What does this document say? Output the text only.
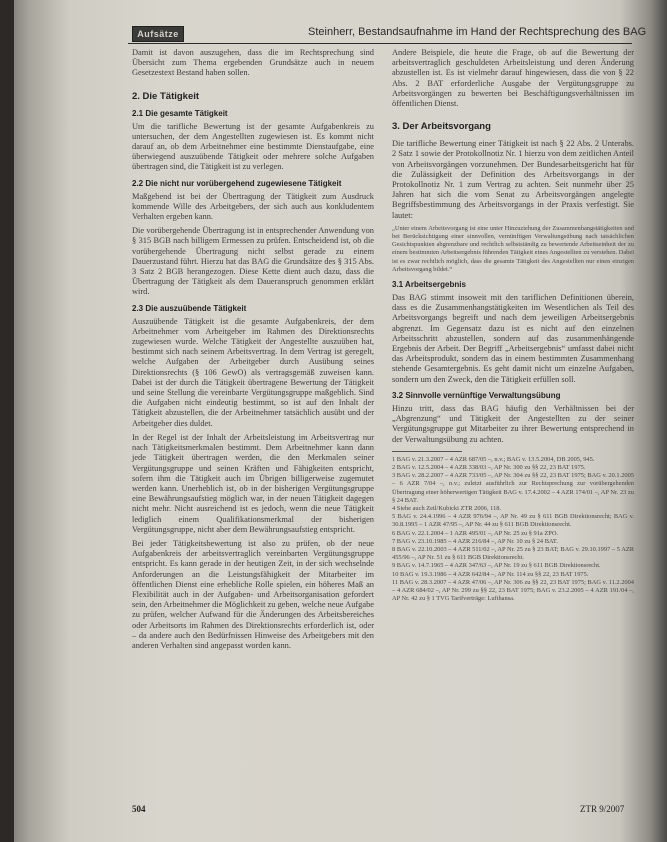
Aufsätze	Steinherr, Bestandsaufnahme im Hand der Rechtsprechung des BAG

Damit ist davon auszugehen, dass die im Rechtsprechung sind Übersicht zum Thema ergebenden Grundsätze auch in neuem Gesetzestext Bestand haben sollen.

2. Die Tätigkeit
2.1 Die gesamte Tätigkeit

Um die tarifliche Bewertung ist der gesamte Aufgabenkreis zu untersuchen, der dem Angestellten zugewiesen ist. Es kommt nicht darauf an, ob dem Arbeitnehmer eine bestimmte Dienstaufgabe, eine überwiegend auszuübende Tätigkeit oder mehrere solche Aufgaben übertragen sind, die Tätigkeit ist zu verlegen.

2.2 Die nicht nur vorübergehend zugewiesene Tätigkeit

Maßgebend ist bei der Übertragung der Tätigkeit zum Ausdruck kommende Wille des Arbeitgebers, der sich auch aus konkludentem Verhalten ergeben kann.

Die vorübergehende Übertragung ist in entsprechender Anwendung von § 315 BGB nach billigem Ermessen zu prüfen. Entscheidend ist, ob die vorübergehende Übertragung nicht selbst gerade zu einem Dauerzustand führt. Hierzu hat das BAG die Grundsätze des § 315 Abs. 3 Satz 2 BGB herangezogen. Diese Kette dient auch dazu, dass die Übertragung der Tätigkeit als dem Daueranspruch genommen erklärt wird.

2.3 Die auszuübende Tätigkeit

Auszuübende Tätigkeit ist die gesamte Aufgabenkreis, der dem Arbeitnehmer vom Arbeitgeber im Rahmen des Direktionsrechts zugewiesen wurde. Welche Tätigkeit der Angestellte auszuüben hat, bestimmt sich nach seinem Arbeitsvertrag. In dem Vertrag ist geregelt, welche Aufgaben der Arbeitgeber durch Ausübung seines Direktionsrechts (§ 106 GewO) als vertragsgemäß zuweisen kann. Dabei ist der durch die Tätigkeit übertragene Bewertung der Tätigkeit und seine Stellung die vereinbarte Vergütungsgruppe maßgeblich. Sind die Aufgaben nicht eindeutig bestimmt, so ist auf den Inhalt der Tätigkeit abzustellen, die der Arbeitnehmer tatsächlich ausübt und der Arbeitgeber dies duldet.

In der Regel ist der Inhalt der Arbeitsleistung im Arbeitsvertrag nur nach Tätigkeitsmerkmalen bestimmt. Dem Arbeitnehmer kann dann jede Tätigkeit übertragen werden, die den Merkmalen seiner Vergütungsgruppe und seinen Kräften und Fähigkeiten entspricht, sofern ihm die Tätigkeit auch im Übrigen billigerweise zugemutet werden kann. Unerheblich ist, ob in der bisherigen Vergütungsgruppe eine Bewährungsaufstieg möglich war, in der neuen Tätigkeit dagegen nicht mehr. Nicht ausreichend ist es jedoch, wenn die neue Tätigkeit lediglich einem Qualifikationsmerkmal der bisherigen Vergütungsgruppe, nicht aber dem Bewährungsaufstieg entspricht.

Bei jeder Tätigkeitsbewertung ist also zu prüfen, ob der neue Aufgabenkreis der arbeitsvertraglich vereinbarten Vergütungsgruppe entspricht. Es kann gerade in der heutigen Zeit, in der sich wechselnde Anforderungen an die Leistungsfähigkeit der Mitarbeiter im öffentlichen Dienst eine erhebliche Rolle spielen, ein höheres Maß an Flexibilität auch in der Aufgaben- und Arbeitsorganisation gefordert sein, den Arbeitnehmer die Möglichkeit zu geben, welche neue Aufgabe zu prüfen, welcher Aufwand für die Änderungen des Arbeitsbereiches oder Arbeitsorts im Rahmen des Direktionsrechts erforderlich ist, oder – da andere auch den Bedürfnissen Hinweise des Arbeitgebers mit den anderen Verhalten sind angepasst worden kann.

Andere Beispiele, die heute die Frage, ob auf die Bewertung der arbeitsvertraglich geschuldeten Arbeitsleistung und deren Änderung abzustellen ist. Es ist vielmehr darauf hingewiesen, dass die von § 22 Abs. 2 BAT erforderliche Ausgabe der Vergütungsgruppe zu Arbeitsvorgängen zu bewerten bei Beschäftigungsverhältnissen im öffentlichen Dienst.

3. Der Arbeitsvorgang

Die tarifliche Bewertung einer Tätigkeit ist nach § 22 Abs. 2 Unterabs. 2 Satz 1 sowie der Protokollnotiz Nr. 1 hierzu von dem zeitlichen Anteil von Arbeitsvorgängen vorzunehmen. Der Bundesarbeitsgericht hat für die Zulässigkeit der Definition des Arbeitsvorgangs in der Protokollnotiz Nr. 1 zum Vertrag zu achten. Seit nunmehr über 25 Jahren hat sich die vom Senat zu Arbeitsvorgängen angelegte Begriffsbestimmung des Arbeitsvorgangs in der Praxis verfestigt. Sie lautet:

„Unter einem Arbeitsvorgang ist eine unter Hinzuziehung der Zusammenhangstätigkeiten und bei Berücksichtigung einer sinnvollen, vernünftigen Verwaltungsübung nach tatsächlichen Gesichtspunkten abgrenzbare und rechtlich selbstständig zu bewertende Arbeitseinheit der zu einem bestimmten Arbeitsergebnis führenden Tätigkeit eines Angestellten zu verstehen. Dabei ist es zwar rechtlich möglich, dass die gesamte Tätigkeit des Angestellten nur einen einzigen Arbeitsvorgang bildet.“

3.1 Arbeitsergebnis

Das BAG stimmt insoweit mit den tariflichen Definitionen überein, dass es die Zusammenhangstätigkeiten im Wesentlichen als Teil des Arbeitsvorgangs begreift und nach dem jeweiligen Arbeitsergebnis abgrenzt. Im Gegensatz dazu ist es nicht auf den einzelnen Arbeitsschritt abzustellen, sondern auf das zusammenhängende Ergebnis der Arbeit. Der Begriff „Arbeitsergebnis“ umfasst dabei nicht das Arbeitsprodukt, sondern das in einem bestimmten Zusammenhang stehende Gesamtergebnis. Es geht damit nicht um einzelne Aufgaben, sondern um den Zweck, den die Tätigkeit erfüllen soll.

3.2 Sinnvolle vernünftige Verwaltungsübung

Hinzu tritt, dass das BAG häufig den Verhältnissen bei der „Abgrenzung“ und Tätigkeit der Angestellten zu der seiner Vergütungsgruppe gut Mitarbeiter zu ihrer Bewertung entsprechend in der Verwaltungsübung zu achten.

1 BAG v. 21.3.2007 – 4 AZR 687/05 –, n.v.; BAG v. 13.5.2004, DB 2005, 945.

2 BAG v. 12.5.2004 – 4 AZR 338/03 –, AP Nr. 300 zu §§ 22, 23 BAT 1975.

3 BAG v. 28.2.2007 – 4 AZR 733/05 –, AP Nr. 304 zu §§ 22, 23 BAT 1975; BAG v. 20.1.2005 – 6 AZR 7/04 –, n.v.; zuletzt ausführlich zur Rechtsprechung zur vorübergehenden Übertragung einer höherwertigen Tätigkeit BAG v. 17.4.2002 – 4 AZR 174/01 –, AP Nr. 23 zu § 24 BAT.

4 Siehe auch Zetl/Kubicki ZTR 2006, 118.

5 BAG v. 24.4.1996 – 4 AZR 976/94 –, AP Nr. 49 zu § 611 BGB Direktionsrecht; BAG v. 30.8.1995 – 1 AZR 47/95 –, AP Nr. 44 zu § 611 BGB Direktionsrecht.

6 BAG v. 22.1.2004 – 1 AZR 495/01 –, AP Nr. 25 zu § 91a ZPO.

7 BAG v. 23.10.1985 – 4 AZR 216/84 –, AP Nr. 10 zu § 24 BAT.

8 BAG v. 22.10.2003 – 4 AZR 511/02 –, AP Nr. 25 zu § 23 BAT; BAG v. 29.10.1997 – 5 AZR 455/96 –, AP Nr. 51 zu § 611 BGB Direktionsrecht.

9 BAG v. 14.7.1965 – 4 AZR 347/63 –, AP Nr. 19 zu § 611 BGB Direktionsrecht.

10 BAG v. 19.3.1986 – 4 AZR 642/84 –, AP Nr. 114 zu §§ 22, 23 BAT 1975.

11 BAG v. 28.3.2007 – 4 AZR 47/06 –, AP Nr. 306 zu §§ 22, 23 BAT 1975; BAG v. 11.2.2004 – 4 AZR 684/02 –, AP Nr. 299 zu §§ 22, 23 BAT 1975; BAG v. 23.2.2005 – 4 AZR 191/04 –, AP Nr. 42 zu § 1 TVG Tarifverträge: Lufthansa.

504	ZTR 9/2007
